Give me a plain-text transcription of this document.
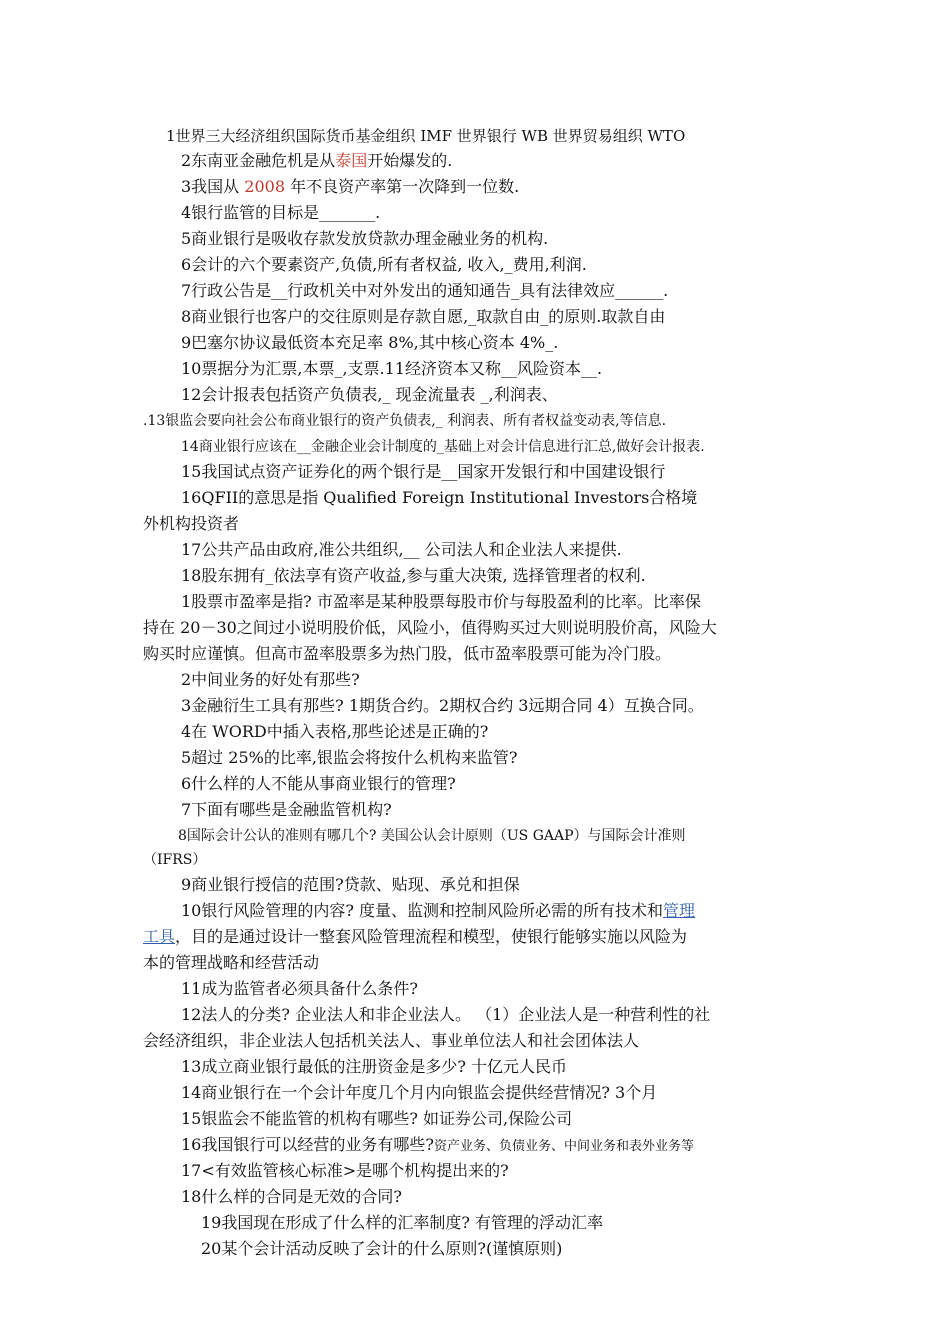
1世界三大经济组织国际货币基金组织 IMF 世界银行 WB 世界贸易组织 WTO
2东南亚金融危机是从泰国开始爆发的.
3我国从 2008 年不良资产率第一次降到一位数.
4银行监管的目标是_______.
5商业银行是吸收存款发放贷款办理金融业务的机构.
6会计的六个要素资产,负债,所有者权益, 收入,_费用,利润.
7行政公告是__行政机关中对外发出的通知通告_具有法律效应______.
8商业银行也客户的交往原则是存款自愿,_取款自由_的原则.取款自由
9巴塞尔协议最低资本充足率 8%,其中核心资本 4%_.
10票据分为汇票,本票_,支票.11经济资本又称__风险资本__.
12会计报表包括资产负债表,_ 现金流量表 _,利润表、
.13银监会要向社会公布商业银行的资产负债表,_ 利润表、所有者权益变动表,等信息.
14商业银行应该在__金融企业会计制度的_基础上对会计信息进行汇总,做好会计报表.
15我国试点资产证券化的两个银行是__国家开发银行和中国建设银行
16QFII的意思是指 Qualified Foreign Institutional Investors合格境
外机构投资者
17公共产品由政府,准公共组织,__ 公司法人和企业法人来提供.
18股东拥有_依法享有资产收益,参与重大决策, 选择管理者的权利.
1股票市盈率是指? 市盈率是某种股票每股市价与每股盈利的比率。比率保
持在 20－30之间过小说明股价低，风险小，值得购买过大则说明股价高，风险大
购买时应谨慎。但高市盈率股票多为热门股，低市盈率股票可能为冷门股。
2中间业务的好处有那些?
3金融衍生工具有那些? 1期货合约。2期权合约 3远期合同 4）互换合同。
4在 WORD中插入表格,那些论述是正确的?
5超过 25%的比率,银监会将按什么机构来监管?
6什么样的人不能从事商业银行的管理?
7下面有哪些是金融监管机构?
8国际会计公认的准则有哪几个? 美国公认会计原则（US GAAP）与国际会计准则
（IFRS）
9商业银行授信的范围?贷款、贴现、承兑和担保
10银行风险管理的内容? 度量、监测和控制风险所必需的所有技术和管理
工具，目的是通过设计一整套风险管理流程和模型，使银行能够实施以风险为
本的管理战略和经营活动
11成为监管者必须具备什么条件?
12法人的分类? 企业法人和非企业法人。 （1）企业法人是一种营利性的社
会经济组织，非企业法人包括机关法人、事业单位法人和社会团体法人
13成立商业银行最低的注册资金是多少? 十亿元人民币
14商业银行在一个会计年度几个月内向银监会提供经营情况? 3个月
15银监会不能监管的机构有哪些? 如证券公司,保险公司
16我国银行可以经营的业务有哪些?资产业务、负债业务、中间业务和表外业务等
17<有效监管核心标准>是哪个机构提出来的?
18什么样的合同是无效的合同?
19我国现在形成了什么样的汇率制度? 有管理的浮动汇率
20某个会计活动反映了会计的什么原则?(谨慎原则)
